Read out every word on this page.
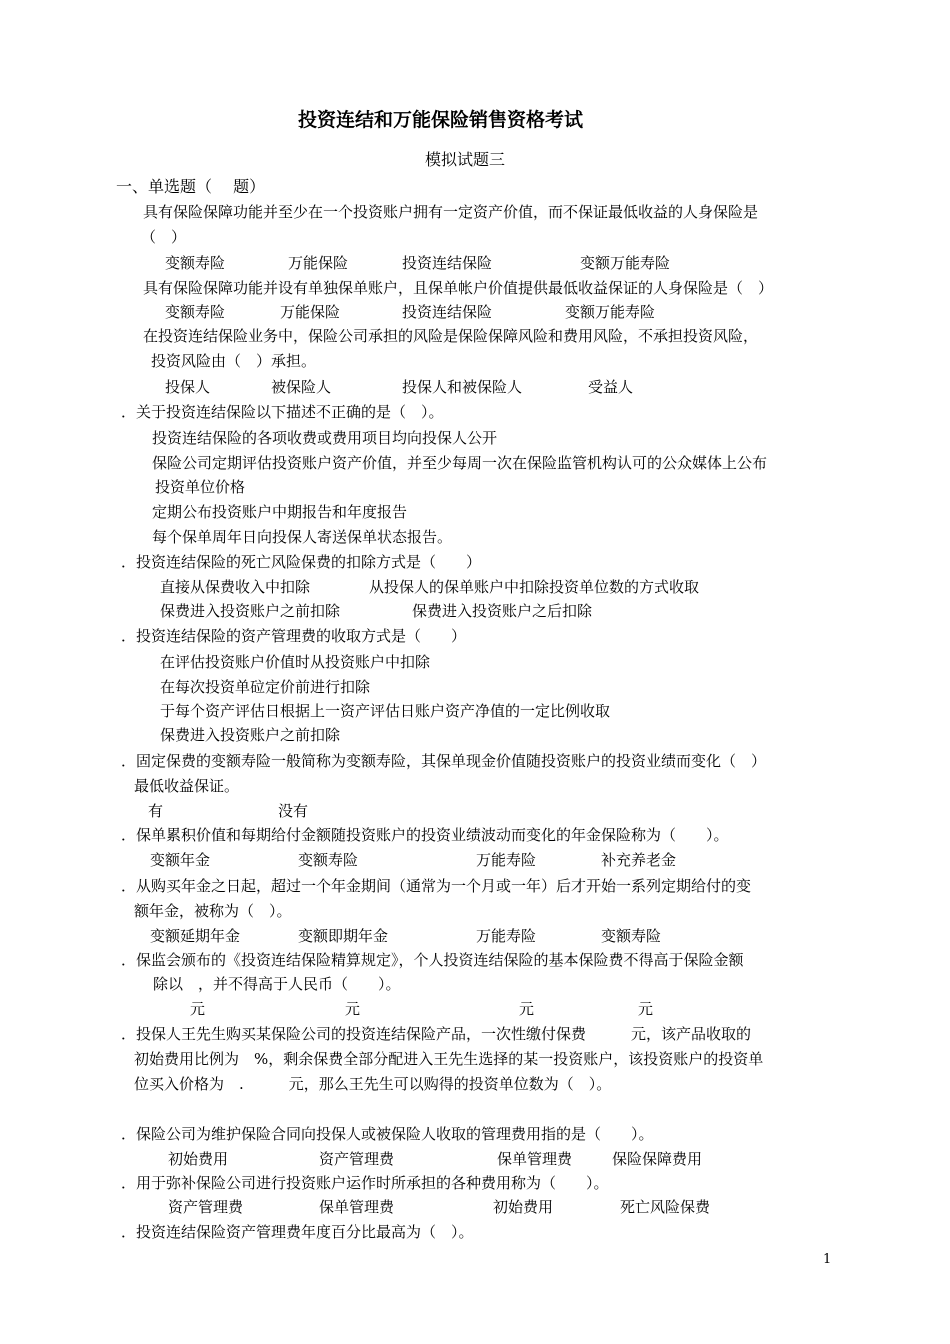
投资连结和万能保险销售资格考试
模拟试题三
一、单选题（　 题）
具有保险保障功能并至少在一个投资账户拥有一定资产价值，而不保证最低收益的人身保险是
（　）
变额寿险	万能保险	投资连结保险	变额万能寿险
具有保险保障功能并设有单独保单账户，且保单帐户价值提供最低收益保证的人身保险是（　）
变额寿险	万能保险	投资连结保险	变额万能寿险
在投资连结保险业务中，保险公司承担的风险是保险保障风险和费用风险，不承担投资风险，
投资风险由（　）承担。
投保人	被保险人	投保人和被保险人	受益人
．关于投资连结保险以下描述不正确的是（　）。
投资连结保险的各项收费或费用项目均向投保人公开
保险公司定期评估投资账户资产价值，并至少每周一次在保险监管机构认可的公众媒体上公布
投资单位价格
定期公布投资账户中期报告和年度报告
每个保单周年日向投保人寄送保单状态报告。
．投资连结保险的死亡风险保费的扣除方式是（　　）
直接从保费收入中扣除	从投保人的保单账户中扣除投资单位数的方式收取
保费进入投资账户之前扣除	保费进入投资账户之后扣除
．投资连结保险的资产管理费的收取方式是（　　）
在评估投资账户价值时从投资账户中扣除
在每次投资单砬定价前进行扣除
于每个资产评估日根据上一资产评估日账户资产净值的一定比例收取
保费进入投资账户之前扣除
．固定保费的变额寿险一般简称为变额寿险，其保单现金价值随投资账户的投资业绩而变化（　）
最低收益保证。
有	没有
．保单累积价值和每期给付金额随投资账户的投资业绩波动而变化的年金保险称为（　　）。
变额年金	变额寿险	万能寿险	补充养老金
．从购买年金之日起，超过一个年金期间（通常为一个月或一年）后才开始一系列定期给付的变
额年金，被称为（　）。
变额延期年金	变额即期年金	万能寿险	变额寿险
．保监会颁布的《投资连结保险精算规定》，个人投资连结保险的基本保险费不得高于保险金额
除以　，并不得高于人民币（　　）。
元	元	元	元
．投保人王先生购买某保险公司的投资连结保险产品，一次性缴付保费　　　元，该产品收取的
初始费用比例为　%，剩余保费全部分配进入王先生选择的某一投资账户，该投资账户的投资单
位买入价格为　.　　　元，那么王先生可以购得的投资单位数为（　）。
．保险公司为维护保险合同向投保人或被保险人收取的管理费用指的是（　　）。
初始费用	资产管理费	保单管理费	保险保障费用
．用于弥补保险公司进行投资账户运作时所承担的各种费用称为（　　）。
资产管理费	保单管理费	初始费用	死亡风险保费
．投资连结保险资产管理费年度百分比最高为（　）。
1
